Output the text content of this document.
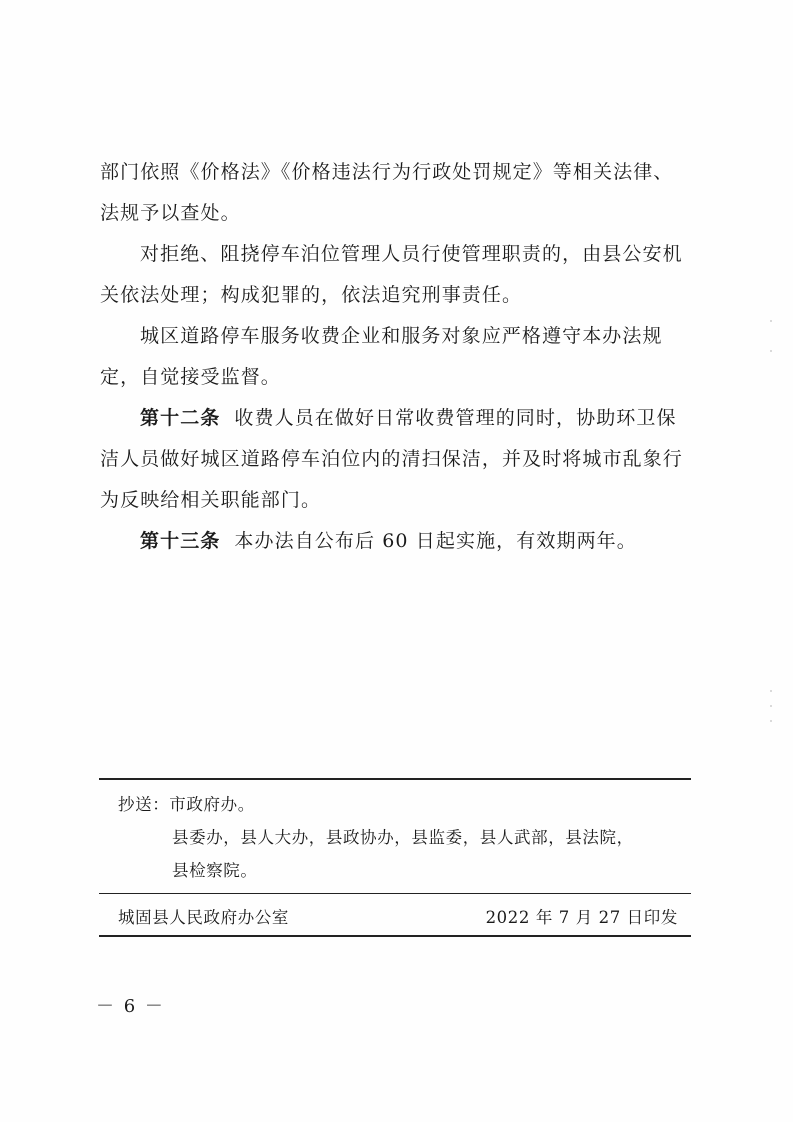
部门依照《价格法》《价格违法行为行政处罚规定》等相关法律、
法规予以查处。
对拒绝、阻挠停车泊位管理人员行使管理职责的，由县公安机
关依法处理；构成犯罪的，依法追究刑事责任。
城区道路停车服务收费企业和服务对象应严格遵守本办法规
定，自觉接受监督。
第十二条 收费人员在做好日常收费管理的同时，协助环卫保
洁人员做好城区道路停车泊位内的清扫保洁，并及时将城市乱象行
为反映给相关职能部门。
第十三条 本办法自公布后 60 日起实施，有效期两年。
抄送：市政府办。
县委办，县人大办，县政协办，县监委，县人武部，县法院，
县检察院。
城固县人民政府办公室	2022 年 7 月 27 日印发
－ 6 －
